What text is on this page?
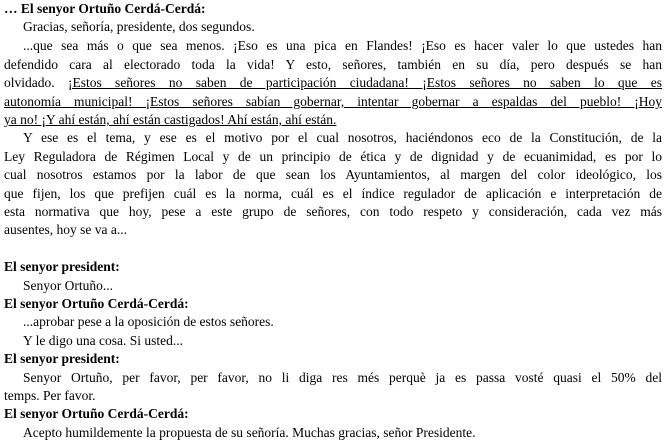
… El senyor Ortuño Cerdá-Cerdá:
Gracias, señoría, presidente, dos segundos.
...que sea más o que sea menos. ¡Eso es una pica en Flandes! ¡Eso es hacer valer lo que ustedes han
defendido cara al electorado toda la vida! Y esto, señores, también en su día, pero después se han
olvidado. ¡Estos señores no saben de participación ciudadana! ¡Estos señores no saben lo que es
autonomía municipal! ¡Estos señores sabían gobernar, intentar gobernar a espaldas del pueblo! ¡Hoy
ya no! ¡Y ahí están, ahí están castigados! Ahí están, ahí están.
Y ese es el tema, y ese es el motivo por el cual nosotros, haciéndonos eco de la Constitución, de la
Ley Reguladora de Régimen Local y de un principio de ética y de dignidad y de ecuanimidad, es por lo
cual nosotros estamos por la labor de que sean los Ayuntamientos, al margen del color ideológico, los
que fijen, los que prefijen cuál es la norma, cuál es el índice regulador de aplicación e interpretación de
esta normativa que hoy, pese a este grupo de señores, con todo respeto y consideración, cada vez más
ausentes, hoy se va a...
El senyor president:
Senyor Ortuño...
El senyor Ortuño Cerdá-Cerdá:
...aprobar pese a la oposición de estos señores.
Y le digo una cosa. Si usted...
El senyor president:
Senyor Ortuño, per favor, per favor, no li diga res més perquè ja es passa vosté quasi el 50% del
temps. Per favor.
El senyor Ortuño Cerdá-Cerdá:
Acepto humildemente la propuesta de su señoría. Muchas gracias, señor Presidente.
